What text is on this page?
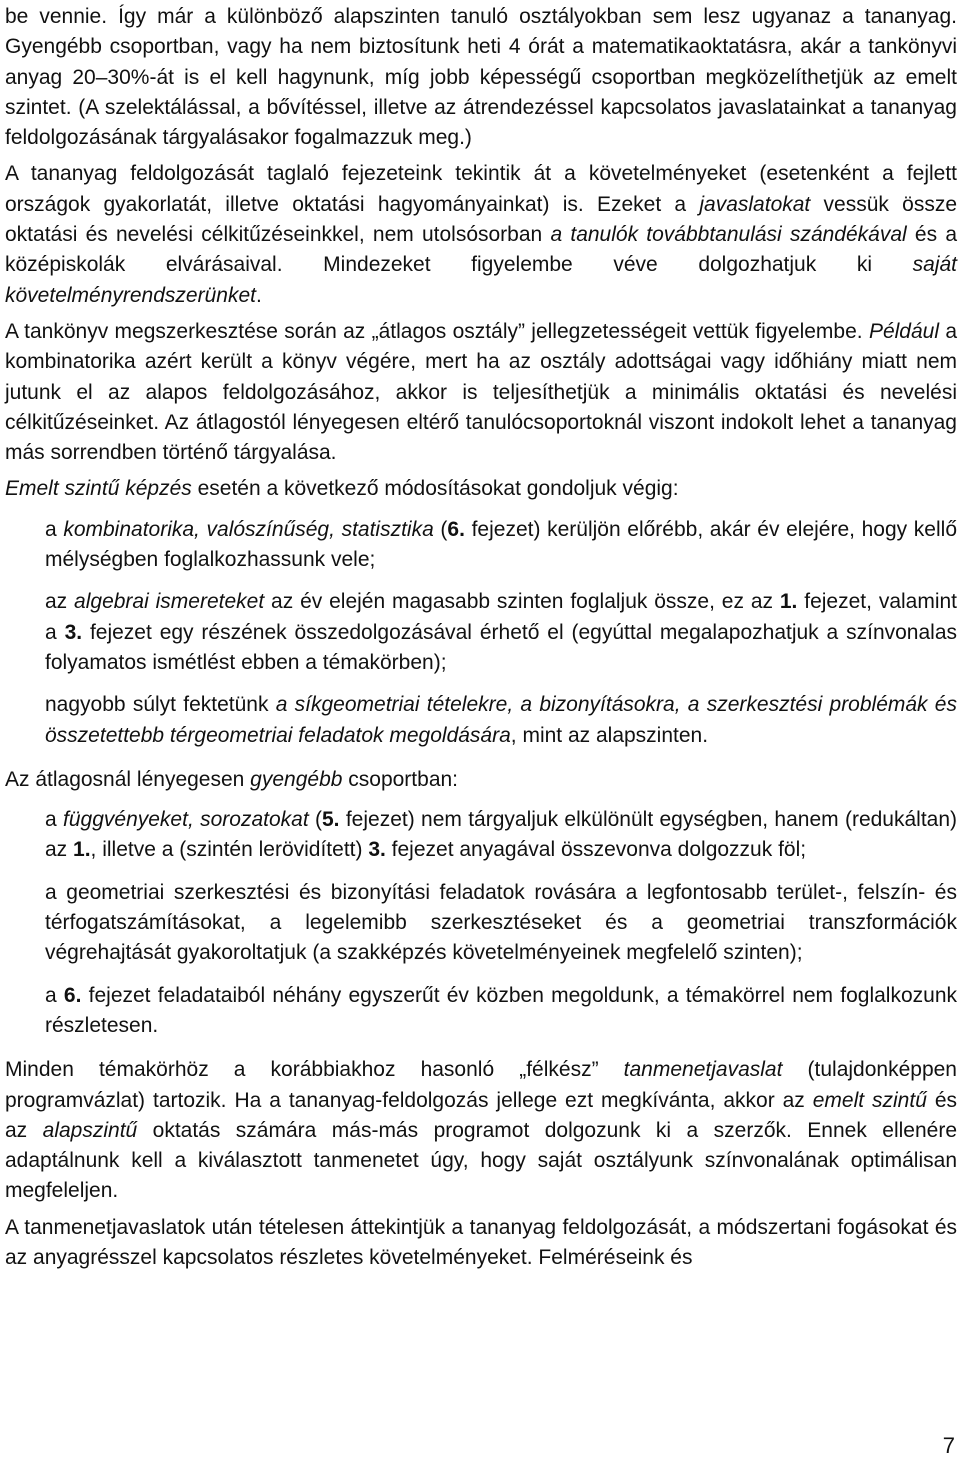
be vennie. Így már a különböző alapszinten tanuló osztályokban sem lesz ugyanaz a tananyag. Gyengébb csoportban, vagy ha nem biztosítunk heti 4 órát a matematikaoktatásra, akár a tankönyvi anyag 20–30%-át is el kell hagynunk, míg jobb képességű csoportban megközelíthetjük az emelt szintet. (A szelektálással, a bővítéssel, illetve az átrendezéssel kapcsolatos javaslatainkat a tananyag feldolgozásának tárgyalásakor fogalmazzuk meg.)

A tananyag feldolgozását taglaló fejezeteink tekintik át a követelményeket (esetenként a fejlett országok gyakorlatát, illetve oktatási hagyományainkat) is. Ezeket a javaslatokat vessük össze oktatási és nevelési célkitűzéseinkkel, nem utolsósorban a tanulók továbbtanulási szándékával és a középiskolák elvárásaival. Mindezeket figyelembe véve dolgozhatjuk ki saját követelményrendszerünket.

A tankönyv megszerkesztése során az „átlagos osztály” jellegzetességeit vettük figyelembe. Például a kombinatorika azért került a könyv végére, mert ha az osztály adottságai vagy időhiány miatt nem jutunk el az alapos feldolgozásához, akkor is teljesíthetjük a minimális oktatási és nevelési célkitűzéseinket. Az átlagostól lényegesen eltérő tanulócsoportoknál viszont indokolt lehet a tananyag más sorrendben történő tárgyalása.

Emelt szintű képzés esetén a következő módosításokat gondoljuk végig:

a kombinatorika, valószínűség, statisztika (6. fejezet) kerüljön előrébb, akár év elejére, hogy kellő mélységben foglalkozhassunk vele;

az algebrai ismereteket az év elején magasabb szinten foglaljuk össze, ez az 1. fejezet, valamint a 3. fejezet egy részének összedolgozásával érhető el (egyúttal megalapozhatjuk a színvonalas folyamatos ismétlést ebben a témakörben);

nagyobb súlyt fektetünk a síkgeometriai tételekre, a bizonyításokra, a szerkesztési problémák és összetettebb térgeometriai feladatok megoldására, mint az alapszinten.

Az átlagosnál lényegesen gyengébb csoportban:

a függvényeket, sorozatokat (5. fejezet) nem tárgyaljuk elkülönült egységben, hanem (redukáltan) az 1., illetve a (szintén lerövidített) 3. fejezet anyagával összevonva dolgozzuk föl;

a geometriai szerkesztési és bizonyítási feladatok rovására a legfontosabb terület-, felszín- és térfogatszámításokat, a legelemibb szerkesztéseket és a geometriai transzformációk végrehajtását gyakoroltatjuk (a szakképzés követelményeinek megfelelő szinten);

a 6. fejezet feladataiból néhány egyszerűt év közben megoldunk, a témakörrel nem foglalkozunk részletesen.

Minden témakörhöz a korábbiakhoz hasonló „félkész” tanmenetjavaslat (tulajdonképpen programvázlat) tartozik. Ha a tananyag-feldolgozás jellege ezt megkívánta, akkor az emelt szintű és az alapszintű oktatás számára más-más programot dolgozunk ki a szerzők. Ennek ellenére adaptálnunk kell a kiválasztott tanmenetet úgy, hogy saját osztályunk színvonalának optimálisan megfeleljen.

A tanmenetjavaslatok után tételesen áttekintjük a tananyag feldolgozását, a módszertani fogásokat és az anyagrésszel kapcsolatos részletes követelményeket. Felméréseink és

7
